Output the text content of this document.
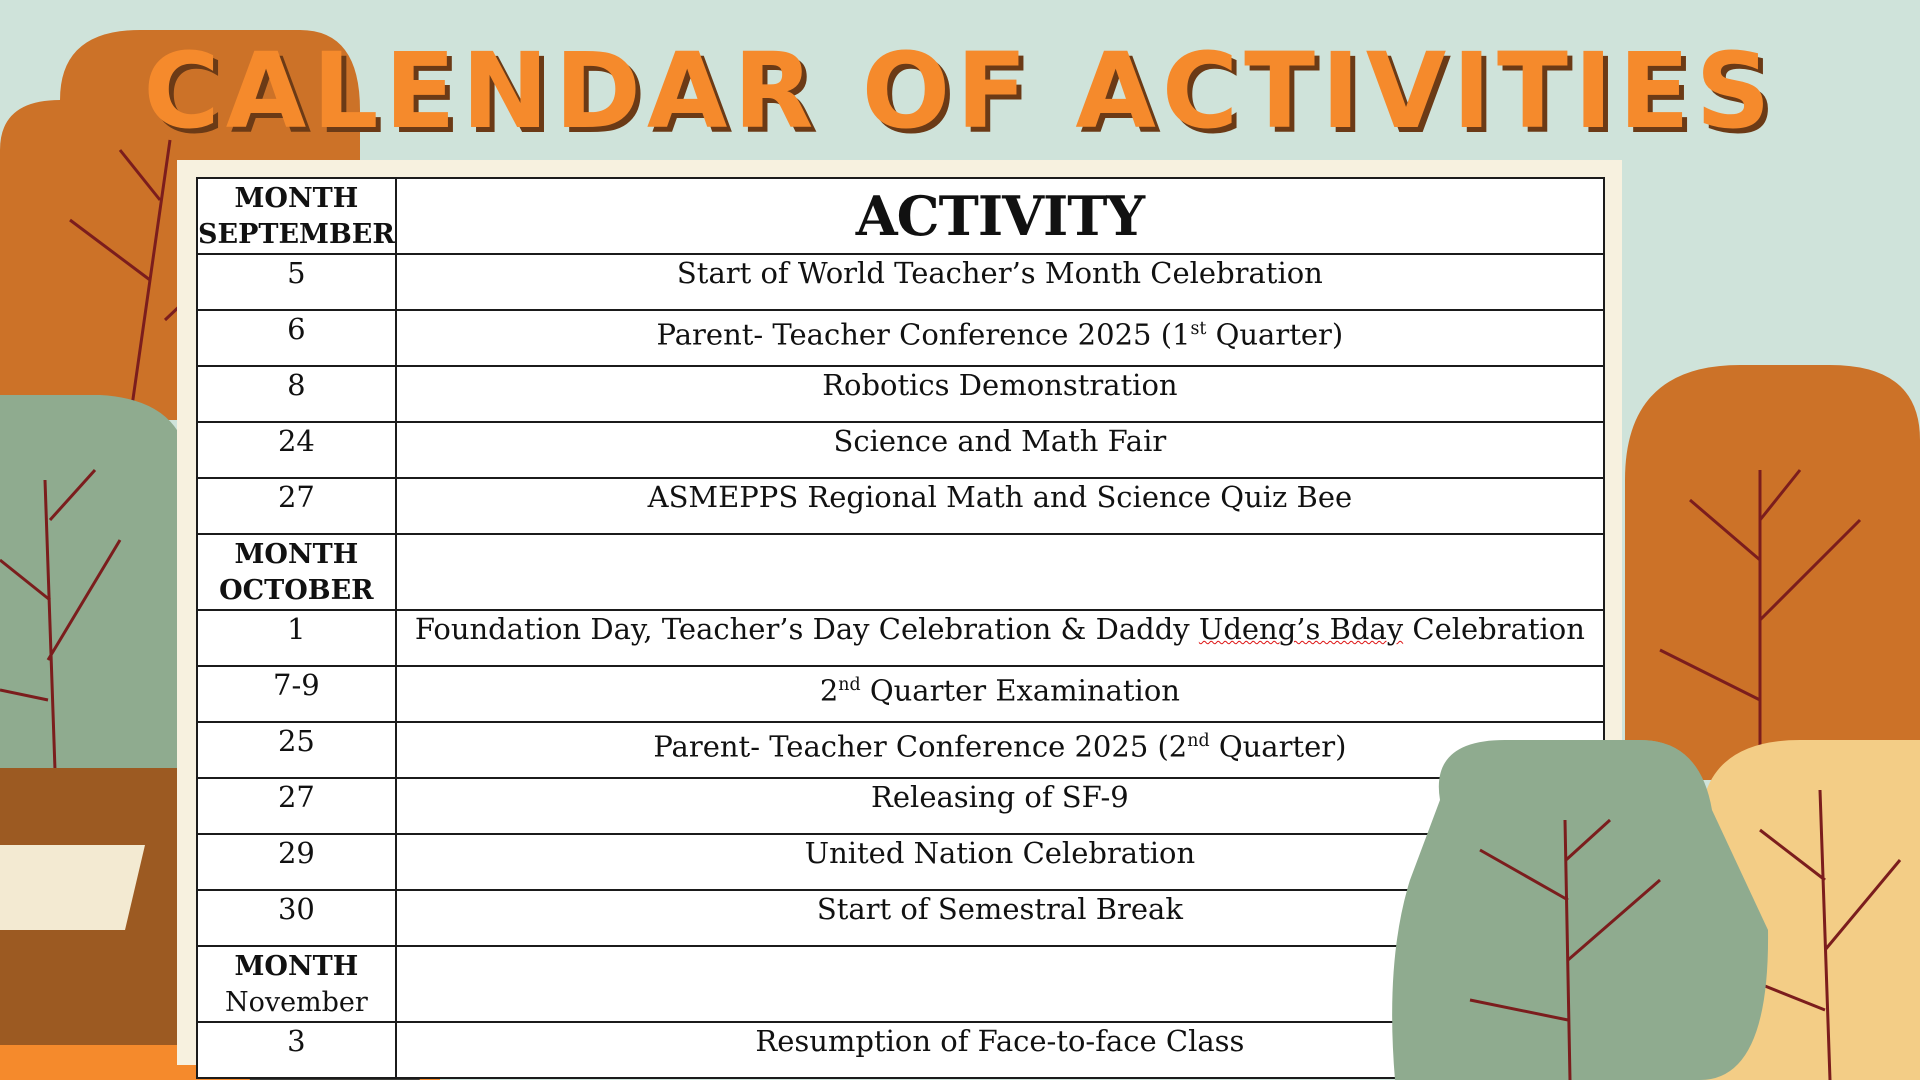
CALENDAR OF ACTIVITIES
MONTH
SEPTEMBER	ACTIVITY
5	Start of World Teacher’s Month Celebration
6	Parent- Teacher Conference 2025 (1st Quarter)
8	Robotics Demonstration
24	Science and Math Fair
27	ASMEPPS Regional Math and Science Quiz Bee

MONTH
OCTOBER	

1	Foundation Day, Teacher’s Day Celebration & Daddy Udeng’s Bday Celebration
7-9	2nd Quarter Examination
25	Parent- Teacher Conference 2025 (2nd Quarter)
27	Releasing of SF-9
29	United Nation Celebration
30	Start of Semestral Break

MONTH
November	

3	Resumption of Face-to-face Class
